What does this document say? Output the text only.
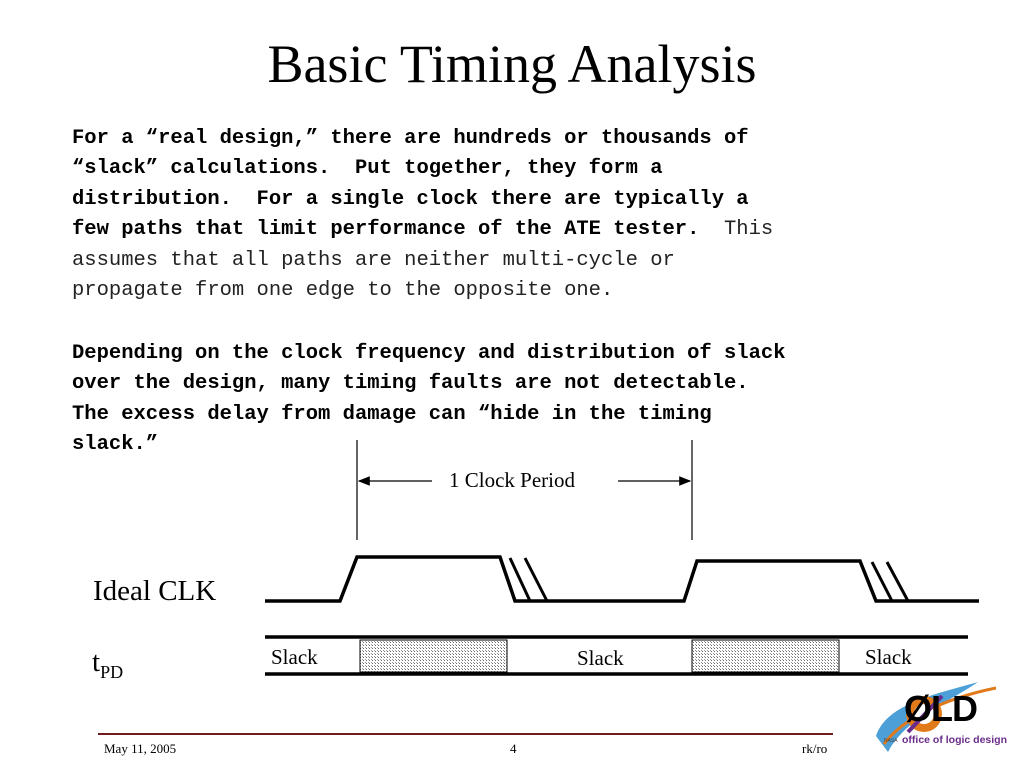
Basic Timing Analysis
For a “real design,” there are hundreds or thousands of
“slack” calculations.  Put together, they form a
distribution.  For a single clock there are typically a
few paths that limit performance of the ATE tester.  This
assumes that all paths are neither multi-cycle or
propagate from one edge to the opposite one.
Depending on the clock frequency and distribution of slack
over the design, many timing faults are not detectable.
The excess delay from damage can “hide in the timing
slack.”
1 Clock Period
Ideal CLK
$t_{PD}$
Slack	Slack	Slack
May 11, 2005	4	rk/ro
ØLD
office of logic design
NASA
